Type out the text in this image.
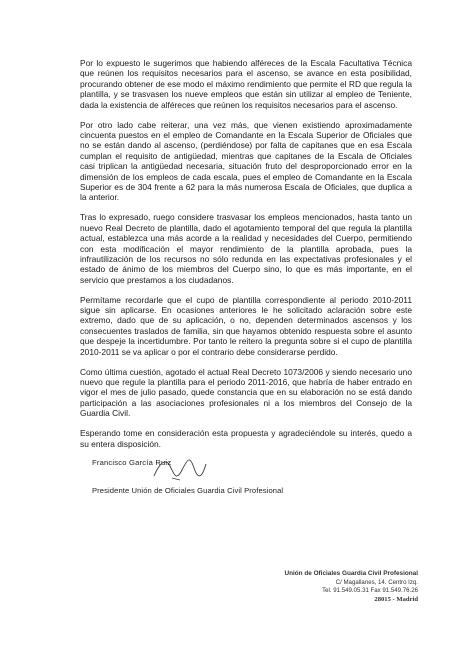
Por lo expuesto le sugerimos que habiendo alféreces de la Escala Facultativa Técnica que reúnen los requisitos necesarios para el ascenso, se avance en esta posibilidad, procurando obtener de ese modo el máximo rendimiento que permite el RD que regula la plantilla, y se trasvasen los nueve empleos que están sin utilizar al empleo de Teniente, dada la existencia de alféreces que reúnen los requisitos necesarios para el ascenso.

Por otro lado cabe reiterar, una vez más, que vienen existiendo aproximadamente cincuenta puestos en el empleo de Comandante en la Escala Superior de Oficiales que no se están dando al ascenso, (perdiéndose) por falta de capitanes que en esa Escala cumplan el requisito de antigüedad, mientras que capitanes de la Escala de Oficiales casi triplican la antigüedad necesaria, situación fruto del desproporcionado error en la dimensión de los empleos de cada escala, pues el empleo de Comandante en la Escala Superior es de 304 frente a 62 para la más numerosa Escala de Oficiales, que duplica a la anterior.

Tras lo expresado, ruego considere trasvasar los empleos mencionados, hasta tanto un nuevo Real Decreto de plantilla, dado el agotamiento temporal del que regula la plantilla actual, establezca una más acorde a la realidad y necesidades del Cuerpo, permitiendo con esta modificación el mayor rendimiento de la plantilla aprobada, pues la infrautilización de los recursos no sólo redunda en las expectativas profesionales y el estado de ánimo de los miembros del Cuerpo sino, lo que es más importante, en el servicio que prestamos a los ciudadanos.

Permítame recordarle que el cupo de plantilla correspondiente al periodo 2010-2011 sigue sin aplicarse. En ocasiones anteriores le he solicitado aclaración sobre este extremo, dado que de su aplicación, o no, dependen determinados ascensos y los consecuentes traslados de familia, sin que hayamos obtenido respuesta sobre el asunto que despeje la incertidumbre. Por tanto le reitero la pregunta sobre si el cupo de plantilla 2010-2011 se va aplicar o por el contrario debe considerarse perdido.

Como última cuestión, agotado el actual Real Decreto 1073/2006 y siendo necesario uno nuevo que regule la plantilla para el periodo 2011-2016, que habría de haber entrado en vigor el mes de julio pasado, quede constancia que en su elaboración no se está dando participación a las asociaciones profesionales ni a los miembros del Consejo de la Guardia Civil.

Esperando tome en consideración esta propuesta y agradeciéndole su interés, quedo a su entera disposición.

Francisco García Ruiz
Presidente Unión de Oficiales Guardia Civil Profesional
Unión de Oficiales Guardia Civil Profesional
C/ Magallanes, 14. Centro Izq.
Tel. 91.549.05.31 Fax 91.549.76.26
28015 - Madrid
